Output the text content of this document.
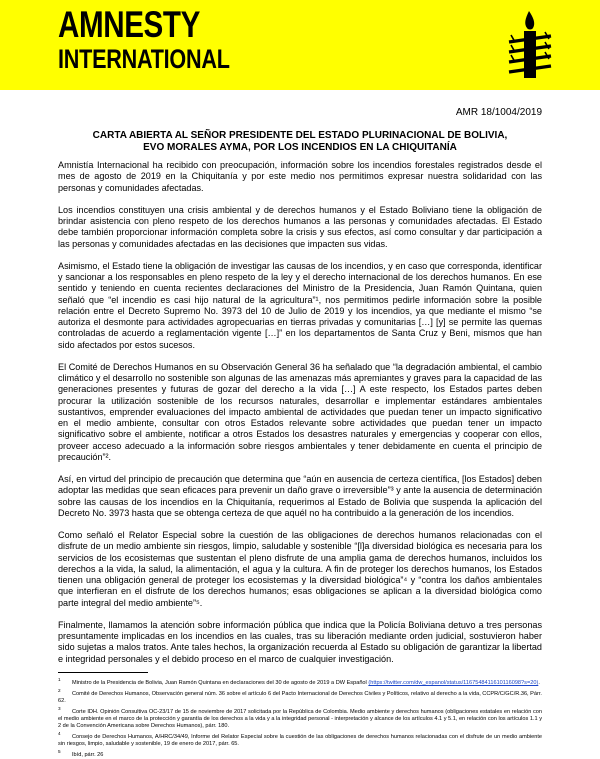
AMNESTY
INTERNATIONAL
AMR 18/1004/2019
CARTA ABIERTA AL SEÑOR PRESIDENTE DEL ESTADO PLURINACIONAL DE BOLIVIA,
EVO MORALES AYMA, POR LOS INCENDIOS EN LA CHIQUITANÍA

Amnistía Internacional ha recibido con preocupación, información sobre los incendios forestales registrados desde el mes de agosto de 2019 en la Chiquitanía y por este medio nos permitimos expresar nuestra solidaridad con las personas y comunidades afectadas.

Los incendios constituyen una crisis ambiental y de derechos humanos y el Estado Boliviano tiene la obligación de brindar asistencia con pleno respeto de los derechos humanos a las personas y comunidades afectadas. El Estado debe también proporcionar información completa sobre la crisis y sus efectos, así como consultar y dar participación a las personas y comunidades afectadas en las decisiones que impacten sus vidas.

Asimismo, el Estado tiene la obligación de investigar las causas de los incendios, y en caso que corresponda, identificar y sancionar a los responsables en pleno respeto de la ley y el derecho internacional de los derechos humanos. En ese sentido y teniendo en cuenta recientes declaraciones del Ministro de la Presidencia, Juan Ramón Quintana, quien señaló que “el incendio es casi hijo natural de la agricultura”¹, nos permitimos pedirle información sobre la posible relación entre el Decreto Supremo No. 3973 del 10 de Julio de 2019 y los incendios, ya que mediante el mismo “se autoriza el desmonte para actividades agropecuarias en tierras privadas y comunitarias […] [y] se permite las quemas controladas de acuerdo a reglamentación vigente […]” en los departamentos de Santa Cruz y Beni, mismos que han sido afectados por estos sucesos.

El Comité de Derechos Humanos en su Observación General 36 ha señalado que “la degradación ambiental, el cambio climático y el desarrollo no sostenible son algunas de las amenazas más apremiantes y graves para la capacidad de las generaciones presentes y futuras de gozar del derecho a la vida […] A este respecto, los Estados partes deben procurar la utilización sostenible de los recursos naturales, desarrollar e implementar estándares ambientales sustantivos, emprender evaluaciones del impacto ambiental de actividades que puedan tener un impacto significativo en el medio ambiente, consultar con otros Estados relevante sobre actividades que puedan tener un impacto significativo sobre el ambiente, notificar a otros Estados los desastres naturales y emergencias y cooperar con ellos, proveer acceso adecuado a la información sobre riesgos ambientales y tener debidamente en cuenta el principio de precaución”².

Así, en virtud del principio de precaución que determina que “aún en ausencia de certeza científica, [los Estados] deben adoptar las medidas que sean eficaces para prevenir un daño grave o irreversible”³ y ante la ausencia de determinación sobre las causas de los incendios en la Chiquitanía, requerimos al Estado de Bolivia que suspenda la aplicación del Decreto No. 3973 hasta que se obtenga certeza de que aquél no ha contribuido a la generación de los incendios.

Como señaló el Relator Especial sobre la cuestión de las obligaciones de derechos humanos relacionadas con el disfrute de un medio ambiente sin riesgos, limpio, saludable y sostenible “[l]a diversidad biológica es necesaria para los servicios de los ecosistemas que sustentan el pleno disfrute de una amplia gama de derechos humanos, incluidos los derechos a la vida, la salud, la alimentación, el agua y la cultura. A fin de proteger los derechos humanos, los Estados tienen una obligación general de proteger los ecosistemas y la diversidad biológica”⁴ y “contra los daños ambientales que interfieran en el disfrute de los derechos humanos; esas obligaciones se aplican a la diversidad biológica como parte integral del medio ambiente”⁵.

Finalmente, llamamos la atención sobre información pública que indica que la Policía Boliviana detuvo a tres personas presuntamente implicadas en los incendios en las cuales, tras su liberación mediante orden judicial, sostuvieron haber sido sujetas a malos tratos. Ante tales hechos, la organización recuerda al Estado su obligación de garantizar la libertad e integridad personales y el debido proceso en el marco de cualquier investigación.

$^1$Ministro de la Presidencia de Bolivia, Juan Ramón Quintana en declaraciones del 30 de agosto de 2019 a DW Español (https://twitter.com/dw_espanol/status/1167548411610116098?s=20).
$^2$Comité de Derechos Humanos, Observación general núm. 36 sobre el artículo 6 del Pacto Internacional de Derechos Civiles y Políticos, relativo al derecho a la vida, CCPR/C/GC/R.36, Párr. 62.
$^3$Corte IDH. Opinión Consultiva OC-23/17 de 15 de noviembre de 2017 solicitada por la República de Colombia. Medio ambiente y derechos humanos (obligaciones estatales en relación con el medio ambiente en el marco de la protección y garantía de los derechos a la vida y a la integridad personal - interpretación y alcance de los artículos 4.1 y 5.1, en relación con los artículos 1.1 y 2 de la Convención Americana sobre Derechos Humanos), párr. 180.
$^4$Consejo de Derechos Humanos, A/HRC/34/49, Informe del Relator Especial sobre la cuestión de las obligaciones de derechos humanos relacionadas con el disfrute de un medio ambiente sin riesgos, limpio, saludable y sostenible, 19 de enero de 2017, párr. 65.
$^5$Ibíd, párr. 26
